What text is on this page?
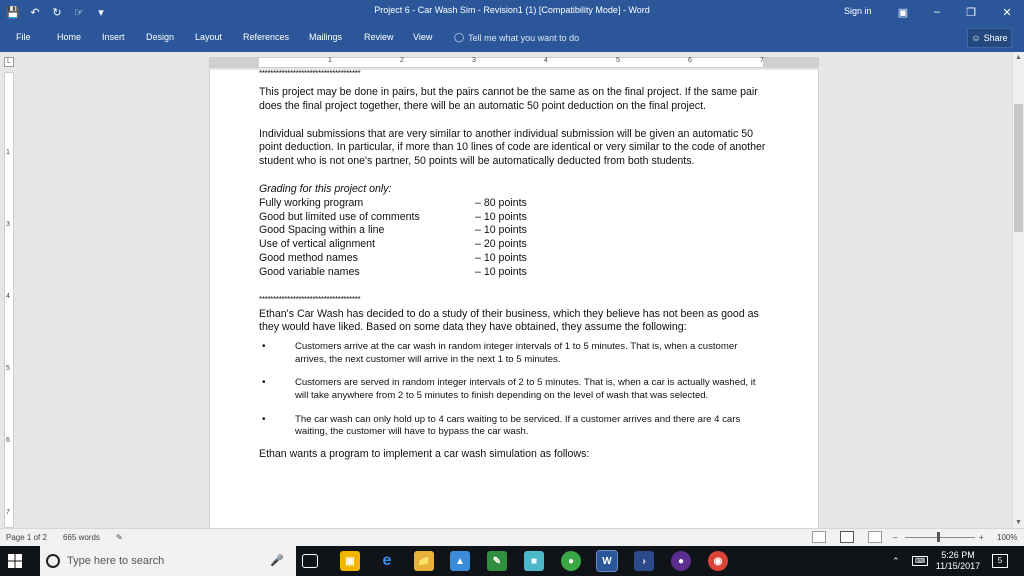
💾 ↶	↻	☞	▾	Project 6 - Car Wash Sim - Revision1 (1) [Compatibility Mode] - Word	Sign in	▣	–	❐	✕
File	Home Insert Design Layout References Mailings Review View ◯ Tell me what you want to do	☺ Share
L	1	2	3	4	5	6	7
1
3
4
5
6
7
************************************

This project may be done in pairs, but the pairs cannot be the same as on the final project. If the same pair does the final project together, there will be an automatic 50 point deduction on the final project.

Individual submissions that are very similar to another individual submission will be given an automatic 50 point deduction. In particular, if more than 10 lines of code are identical or very similar to the code of another student who is not one's partner, 50 points will be automatically deducted from both students.

Grading for this project only:
Fully working program	– 80 points
Good but limited use of comments	– 10 points
Good Spacing within a line	– 10 points
Use of vertical alignment	– 20 points
Good method names	– 10 points
Good variable names	– 10 points
************************************

Ethan's Car Wash has decided to do a study of their business, which they believe has not been as good as they would have liked. Based on some data they have obtained, they assume the following:

•	Customers arrive at the car wash in random integer intervals of 1 to 5 minutes. That is, when a customer arrives, the next customer will arrive in the next 1 to 5 minutes.
•	Customers are served in random integer intervals of 2 to 5 minutes. That is, when a car is actually washed, it will take anywhere from 2 to 5 minutes to finish depending on the level of wash that was selected.
•	The car wash can only hold up to 4 cars waiting to be serviced. If a customer arrives and there are 4 cars waiting, the customer will have to bypass the car wash.

Ethan wants a program to implement a car wash simulation as follows:

▲
▼
Page 1 of 2 665 words ✎	–	+ 100%
Type here to search	🎤	▣	e	📁	▲	✎	■	●	W	›	●	◉	⌃	⌨
5:26 PM
11/15/2017
5
